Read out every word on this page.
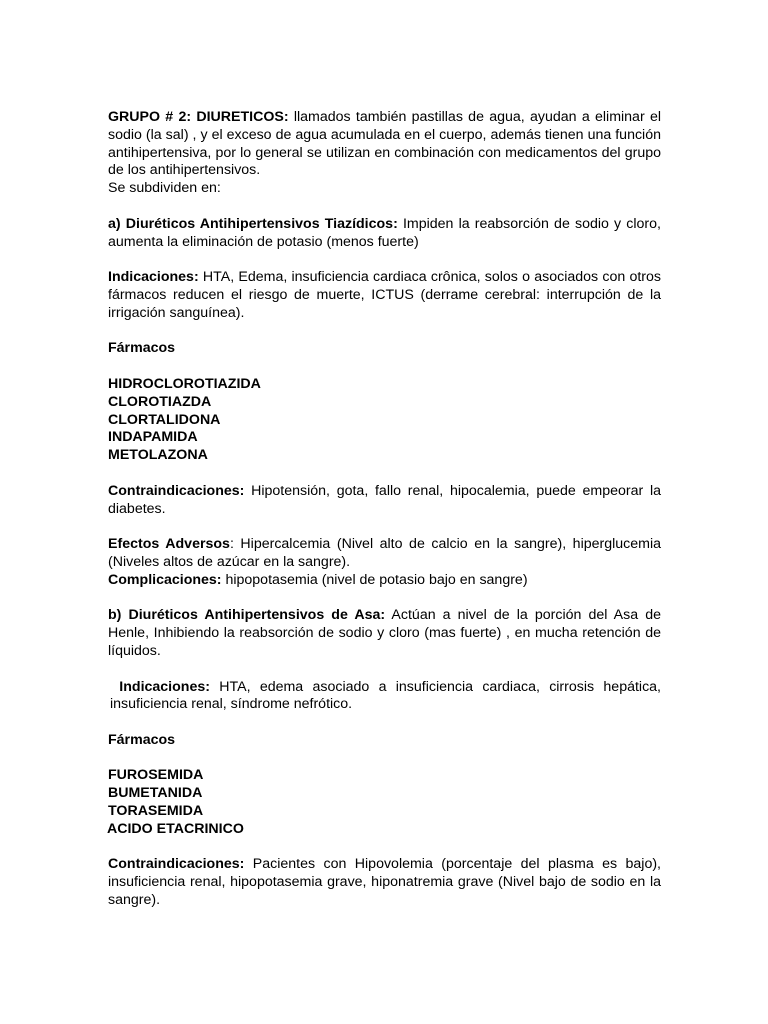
GRUPO # 2: DIURETICOS: llamados también pastillas de agua, ayudan a eliminar el sodio (la sal) , y el exceso de agua acumulada en el cuerpo, además tienen una función antihipertensiva, por lo general se utilizan en combinación con medicamentos del grupo de los antihipertensivos.

Se subdividen en:

a) Diuréticos Antihipertensivos Tiazídicos: Impiden la reabsorción de sodio y cloro, aumenta la eliminación de potasio (menos fuerte)

Indicaciones: HTA, Edema, insuficiencia cardiaca crônica, solos o asociados con otros fármacos reducen el riesgo de muerte, ICTUS (derrame cerebral: interrupción de la irrigación sanguínea).

Fármacos

HIDROCLOROTIAZIDA

CLOROTIAZDA

CLORTALIDONA

INDAPAMIDA

METOLAZONA

Contraindicaciones: Hipotensión, gota, fallo renal, hipocalemia, puede empeorar la diabetes.

Efectos Adversos: Hipercalcemia (Nivel alto de calcio en la sangre), hiperglucemia (Niveles altos de azúcar en la sangre).

Complicaciones: hipopotasemia (nivel de potasio bajo en sangre)

b) Diuréticos Antihipertensivos de Asa: Actúan a nivel de la porción del Asa de Henle, Inhibiendo la reabsorción de sodio y cloro (mas fuerte) , en mucha retención de líquidos.

Indicaciones: HTA, edema asociado a insuficiencia cardiaca, cirrosis hepática, insuficiencia renal, síndrome nefrótico.

Fármacos

FUROSEMIDA

BUMETANIDA

TORASEMIDA

ACIDO ETACRINICO

Contraindicaciones: Pacientes con Hipovolemia (porcentaje del plasma es bajo), insuficiencia renal, hipopotasemia grave, hiponatremia grave (Nivel bajo de sodio en la sangre).
